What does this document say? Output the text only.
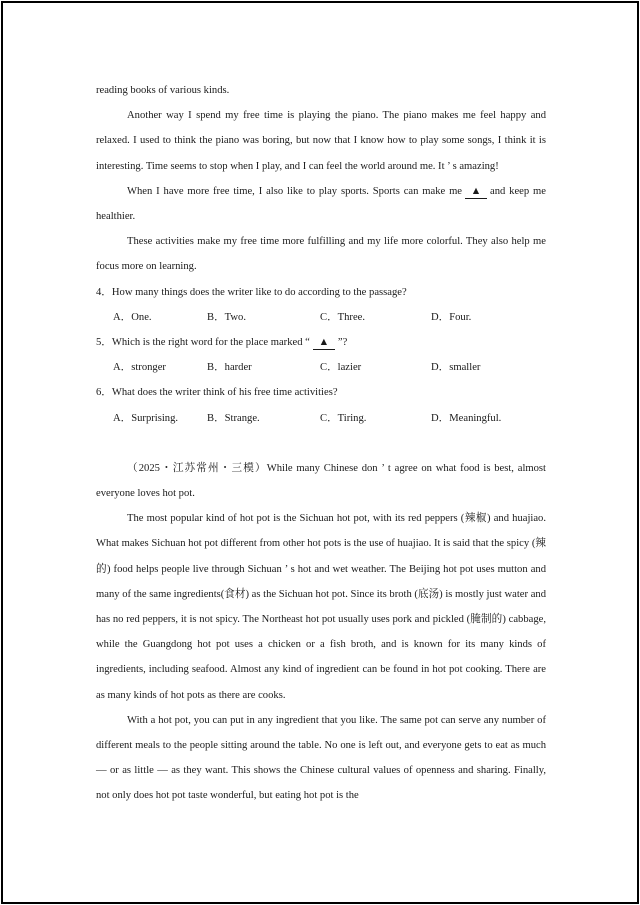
reading books of various kinds.

Another way I spend my free time is playing the piano. The piano makes me feel happy and relaxed. I used to think the piano was boring, but now that I know how to play some songs, I think it is interesting. Time seems to stop when I play, and I can feel the world around me. It ’ s amazing!

When I have more free time, I also like to play sports. Sports can make me ▲ and keep me healthier.

These activities make my free time more fulfilling and my life more colorful. They also help me focus more on learning.

4．How many things does the writer like to do according to the passage?

A．One.	B．Two.	C．Three.	D．Four.

5．Which is the right word for the place marked “ ▲ ”?

A．stronger	B．harder	C．lazier	D．smaller

6．What does the writer think of his free time activities?

A．Surprising.	B．Strange.	C．Tiring.	D．Meaningful.

（2025・江苏常州・三模）While many Chinese don ’ t agree on what food is best, almost everyone loves hot pot.

The most popular kind of hot pot is the Sichuan hot pot, with its red peppers (辣椒) and huajiao. What makes Sichuan hot pot different from other hot pots is the use of huajiao. It is said that the spicy (辣的) food helps people live through Sichuan ’ s hot and wet weather. The Beijing hot pot uses mutton and many of the same ingredients(食材) as the Sichuan hot pot. Since its broth (底汤) is mostly just water and has no red peppers, it is not spicy. The Northeast hot pot usually uses pork and pickled (腌制的) cabbage, while the Guangdong hot pot uses a chicken or a fish broth, and is known for its many kinds of ingredients, including seafood. Almost any kind of ingredient can be found in hot pot cooking. There are as many kinds of hot pots as there are cooks.

With a hot pot, you can put in any ingredient that you like. The same pot can serve any number of different meals to the people sitting around the table. No one is left out, and everyone gets to eat as much — or as little — as they want. This shows the Chinese cultural values of openness and sharing. Finally, not only does hot pot taste wonderful, but eating hot pot is the
